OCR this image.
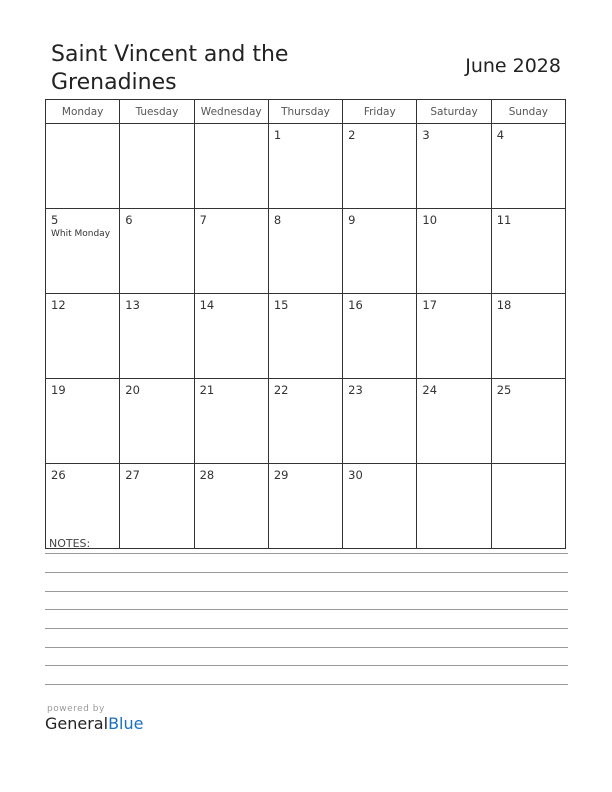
Saint Vincent and the
Grenadines
June 2028
Monday	Tuesday	Wednesday	Thursday	Friday	Saturday	Sunday

			1	2	3	4

5
Whit Monday	6	7	8	9	10	11

12	13	14	15	16	17	18

19	20	21	22	23	24	25

26	27	28	29	30		

NOTES:
powered by
GeneralBlue
